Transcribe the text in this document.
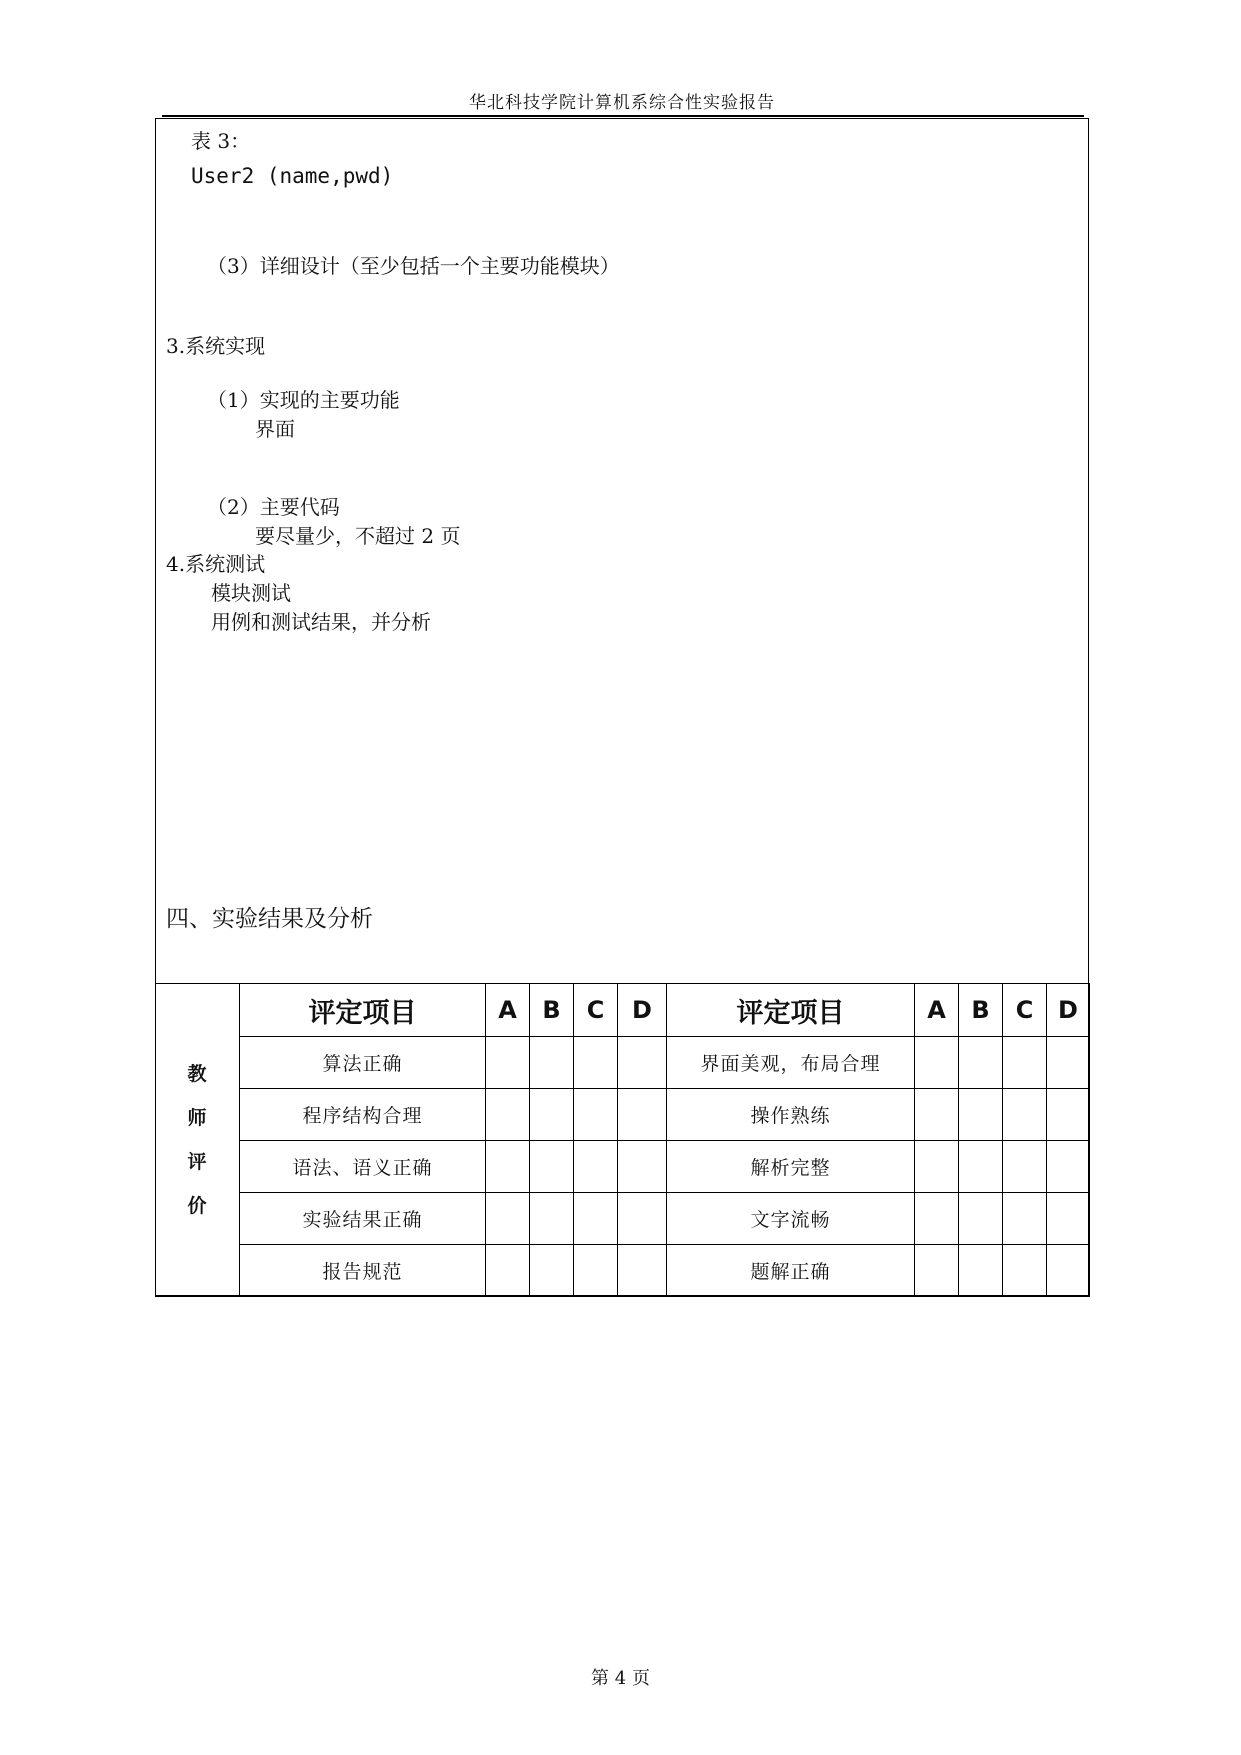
华北科技学院计算机系综合性实验报告
表 3：
User2 (name,pwd)
（3）详细设计（至少包括一个主要功能模块）
3.系统实现
（1）实现的主要功能
界面
（2）主要代码
要尽量少，不超过 2 页
4.系统测试
模块测试
用例和测试结果，并分析
四、实验结果及分析
教
师
评
价	评定项目	A	B	C	D	评定项目	A	B	C	D
	算法正确					界面美观，布局合理				
	程序结构合理					操作熟练				
	语法、语义正确					解析完整				
	实验结果正确					文字流畅				
	报告规范					题解正确				
第 4 页
